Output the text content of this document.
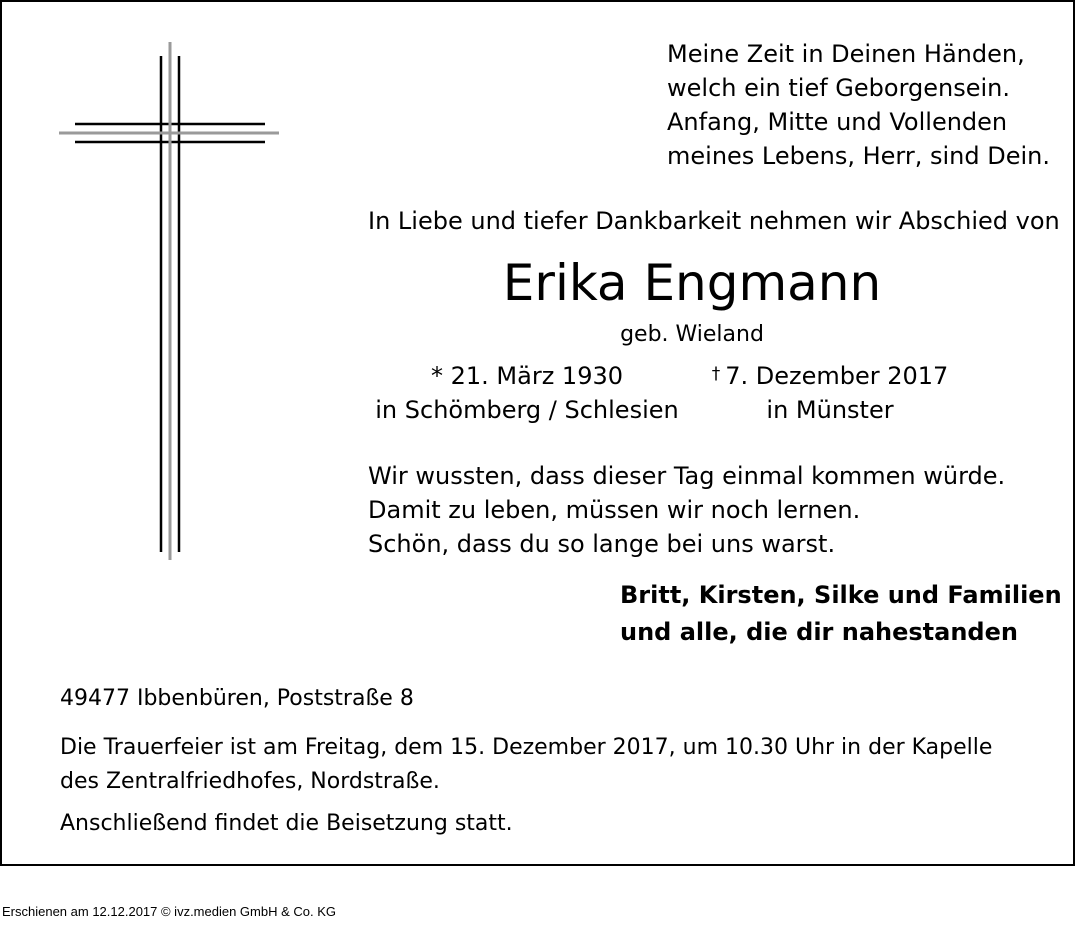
Meine Zeit in Deinen Händen,
welch ein tief Geborgensein.
Anfang, Mitte und Vollenden
meines Lebens, Herr, sind Dein.
In Liebe und tiefer Dankbarkeit nehmen wir Abschied von
Erika Engmann
geb. Wieland
* 21. März 1930
in Schömberg / Schlesien
† 7. Dezember 2017
in Münster
Wir wussten, dass dieser Tag einmal kommen würde.
Damit zu leben, müssen wir noch lernen.
Schön, dass du so lange bei uns warst.
Britt, Kirsten, Silke und Familien
und alle, die dir nahestanden
49477 Ibbenbüren, Poststraße 8
Die Trauerfeier ist am Freitag, dem 15. Dezember 2017, um 10.30 Uhr in der Kapelle
des Zentralfriedhofes, Nordstraße.
Anschließend findet die Beisetzung statt.
Erschienen am 12.12.2017 © ivz.medien GmbH & Co. KG
